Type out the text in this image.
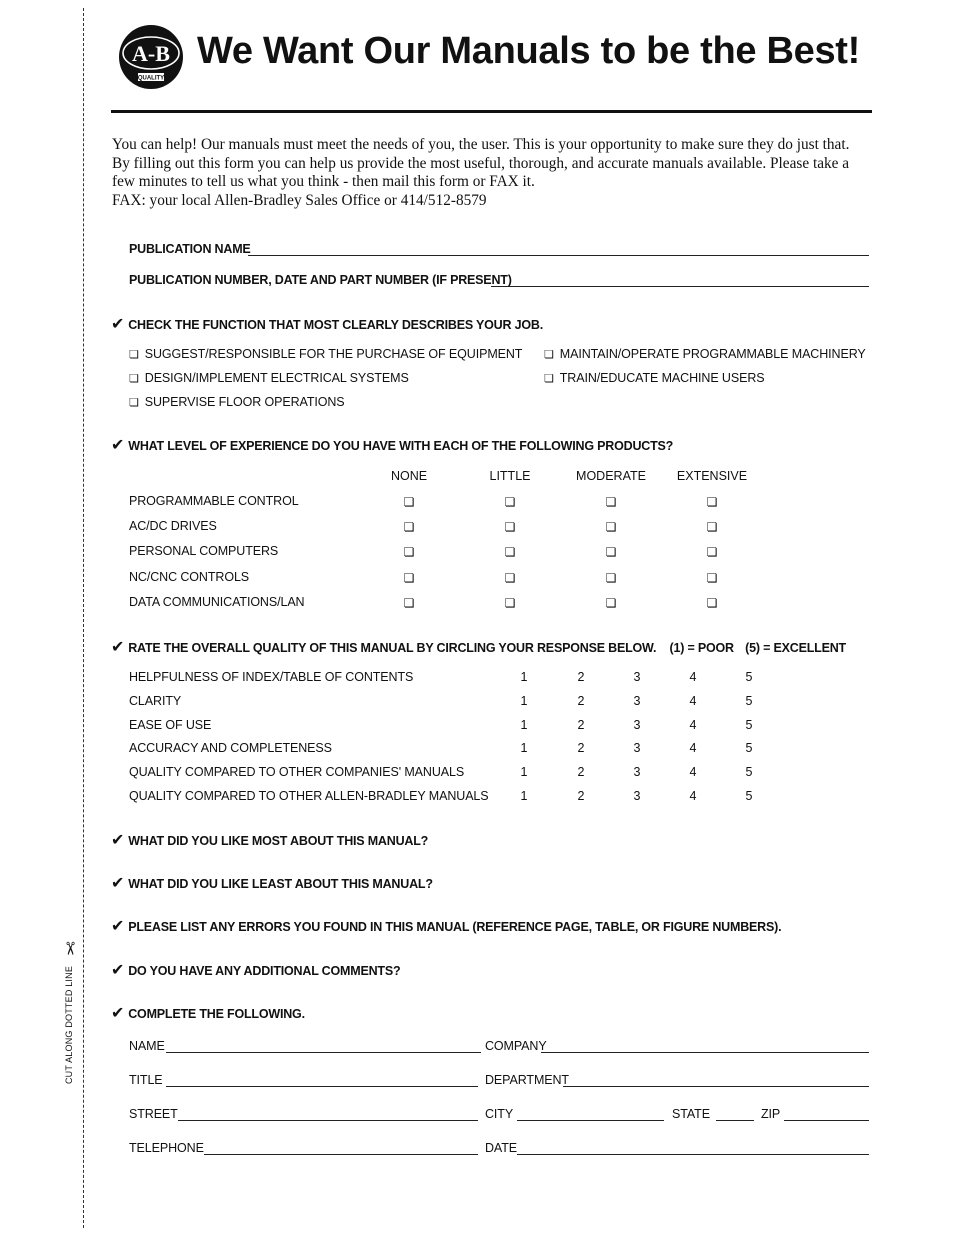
✂
CUT ALONG DOTTED LINE
A-B
QUALITY
We Want Our Manuals to be the Best!
You can help! Our manuals must meet the needs of you, the user. This is your opportunity to make sure they do just that.
By filling out this form you can help us provide the most useful, thorough, and accurate manuals available. Please take a
few minutes to tell us what you think - then mail this form or FAX it.
FAX: your local Allen-Bradley Sales Office or 414/512-8579
PUBLICATION NAME
PUBLICATION NUMBER, DATE AND PART NUMBER (IF PRESENT)
✔ CHECK THE FUNCTION THAT MOST CLEARLY DESCRIBES YOUR JOB.
❏ SUGGEST/RESPONSIBLE FOR THE PURCHASE OF EQUIPMENT ❏ MAINTAIN/OPERATE PROGRAMMABLE MACHINERY
❏ DESIGN/IMPLEMENT ELECTRICAL SYSTEMS	❏ TRAIN/EDUCATE MACHINE USERS
❏ SUPERVISE FLOOR OPERATIONS
✔ WHAT LEVEL OF EXPERIENCE DO YOU HAVE WITH EACH OF THE FOLLOWING PRODUCTS?
NONE	LITTLE	MODERATE EXTENSIVE
PROGRAMMABLE CONTROL	❏	❏	❏	❏
AC/DC DRIVES	❏	❏	❏	❏
PERSONAL COMPUTERS	❏	❏	❏	❏
NC/CNC CONTROLS	❏	❏	❏	❏
DATA COMMUNICATIONS/LAN	❏	❏	❏	❏
✔ RATE THE OVERALL QUALITY OF THIS MANUAL BY CIRCLING YOUR RESPONSE BELOW. (1) = POOR (5) = EXCELLENT
HELPFULNESS OF INDEX/TABLE OF CONTENTS	1	2	3	4	5
CLARITY	1	2	3	4	5
EASE OF USE	1	2	3	4	5
ACCURACY AND COMPLETENESS	1	2	3	4	5
QUALITY COMPARED TO OTHER COMPANIES' MANUALS	1	2	3	4	5
QUALITY COMPARED TO OTHER ALLEN-BRADLEY MANUALS	1	2	3	4	5
✔ WHAT DID YOU LIKE MOST ABOUT THIS MANUAL?
✔ WHAT DID YOU LIKE LEAST ABOUT THIS MANUAL?
✔ PLEASE LIST ANY ERRORS YOU FOUND IN THIS MANUAL (REFERENCE PAGE, TABLE, OR FIGURE NUMBERS).
✔ DO YOU HAVE ANY ADDITIONAL COMMENTS?
✔ COMPLETE THE FOLLOWING.
NAME	COMPANY
TITLE	DEPARTMENT
STREET	CITY	STATE	ZIP
TELEPHONE	DATE
